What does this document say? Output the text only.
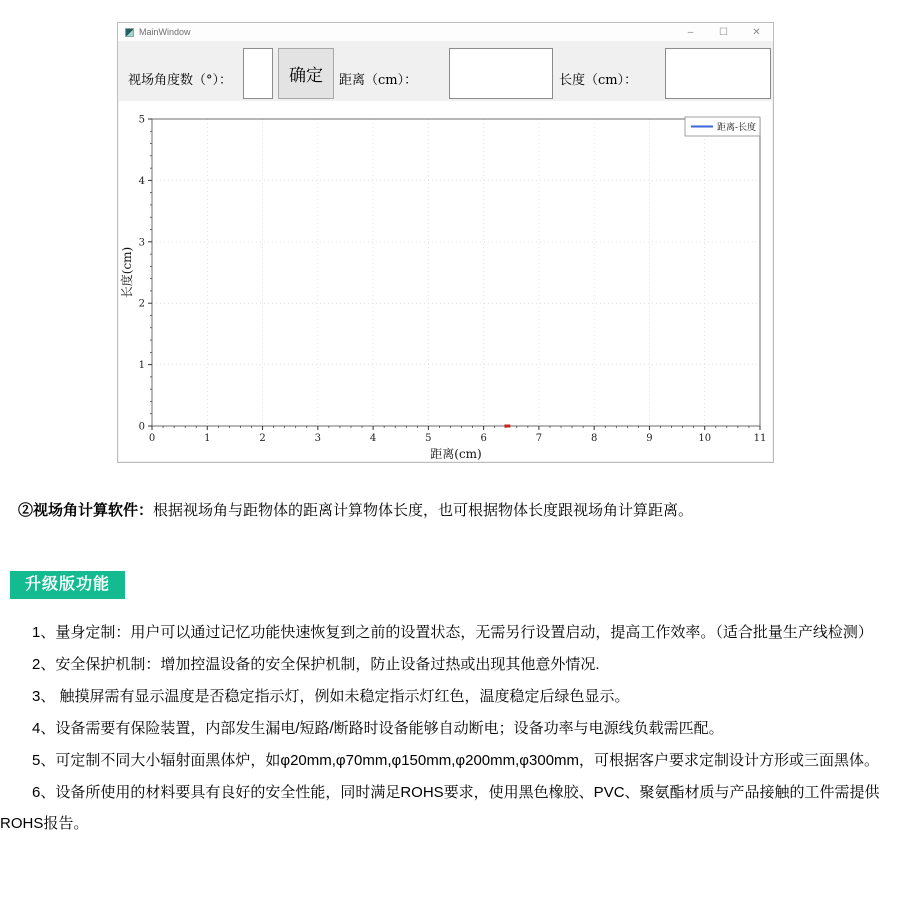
MainWindow	–	☐	✕
视场角度数（°）：	确定	距离（cm）：	长度（cm）：
0	1	2	3	4	5	6	7	8	9	10	11
0
1
2
3
4
5
距离(cm)
长度(cm)
距离-长度
②视场角计算软件：根据视场角与距物体的距离计算物体长度，也可根据物体长度跟视场角计算距离。
升级版功能

1、量身定制：用户可以通过记忆功能快速恢复到之前的设置状态，无需另行设置启动，提高工作效率。（适合批量生产线检测）

2、安全保护机制：增加控温设备的安全保护机制，防止设备过热或出现其他意外情况.

3、 触摸屏需有显示温度是否稳定指示灯，例如未稳定指示灯红色，温度稳定后绿色显示。

4、设备需要有保险装置，内部发生漏电/短路/断路时设备能够自动断电；设备功率与电源线负载需匹配。

5、可定制不同大小辐射面黑体炉，如φ20mm,φ70mm,φ150mm,φ200mm,φ300mm，可根据客户要求定制设计方形或三面黑体。

6、设备所使用的材料要具有良好的安全性能，同时满足ROHS要求，使用黑色橡胶、PVC、聚氨酯材质与产品接触的工件需提供ROHS报告。
